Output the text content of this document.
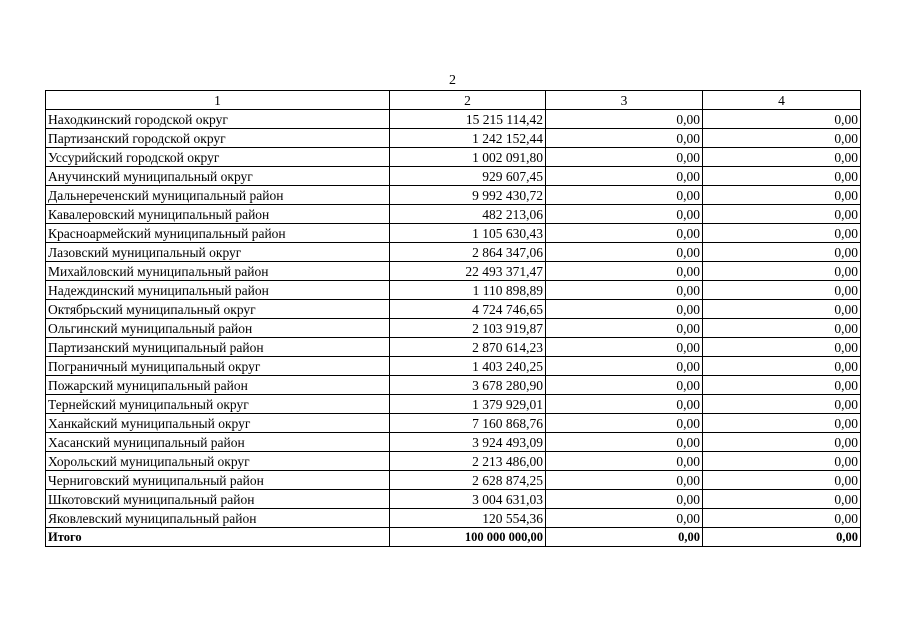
2
1	2	3	4
Находкинский городской округ	15 215 114,42	0,00	0,00
Партизанский городской округ	1 242 152,44	0,00	0,00
Уссурийский городской округ	1 002 091,80	0,00	0,00
Анучинский муниципальный округ	929 607,45	0,00	0,00
Дальнереченский муниципальный район	9 992 430,72	0,00	0,00
Кавалеровский муниципальный район	482 213,06	0,00	0,00
Красноармейский муниципальный район	1 105 630,43	0,00	0,00
Лазовский муниципальный округ	2 864 347,06	0,00	0,00
Михайловский муниципальный район	22 493 371,47	0,00	0,00
Надеждинский муниципальный район	1 110 898,89	0,00	0,00
Октябрьский муниципальный округ	4 724 746,65	0,00	0,00
Ольгинский муниципальный район	2 103 919,87	0,00	0,00
Партизанский муниципальный район	2 870 614,23	0,00	0,00
Пограничный муниципальный округ	1 403 240,25	0,00	0,00
Пожарский муниципальный район	3 678 280,90	0,00	0,00
Тернейский муниципальный округ	1 379 929,01	0,00	0,00
Ханкайский муниципальный округ	7 160 868,76	0,00	0,00
Хасанский муниципальный район	3 924 493,09	0,00	0,00
Хорольский муниципальный округ	2 213 486,00	0,00	0,00
Черниговский муниципальный район	2 628 874,25	0,00	0,00
Шкотовский муниципальный район	3 004 631,03	0,00	0,00
Яковлевский муниципальный район	120 554,36	0,00	0,00
Итого	100 000 000,00	0,00	0,00
